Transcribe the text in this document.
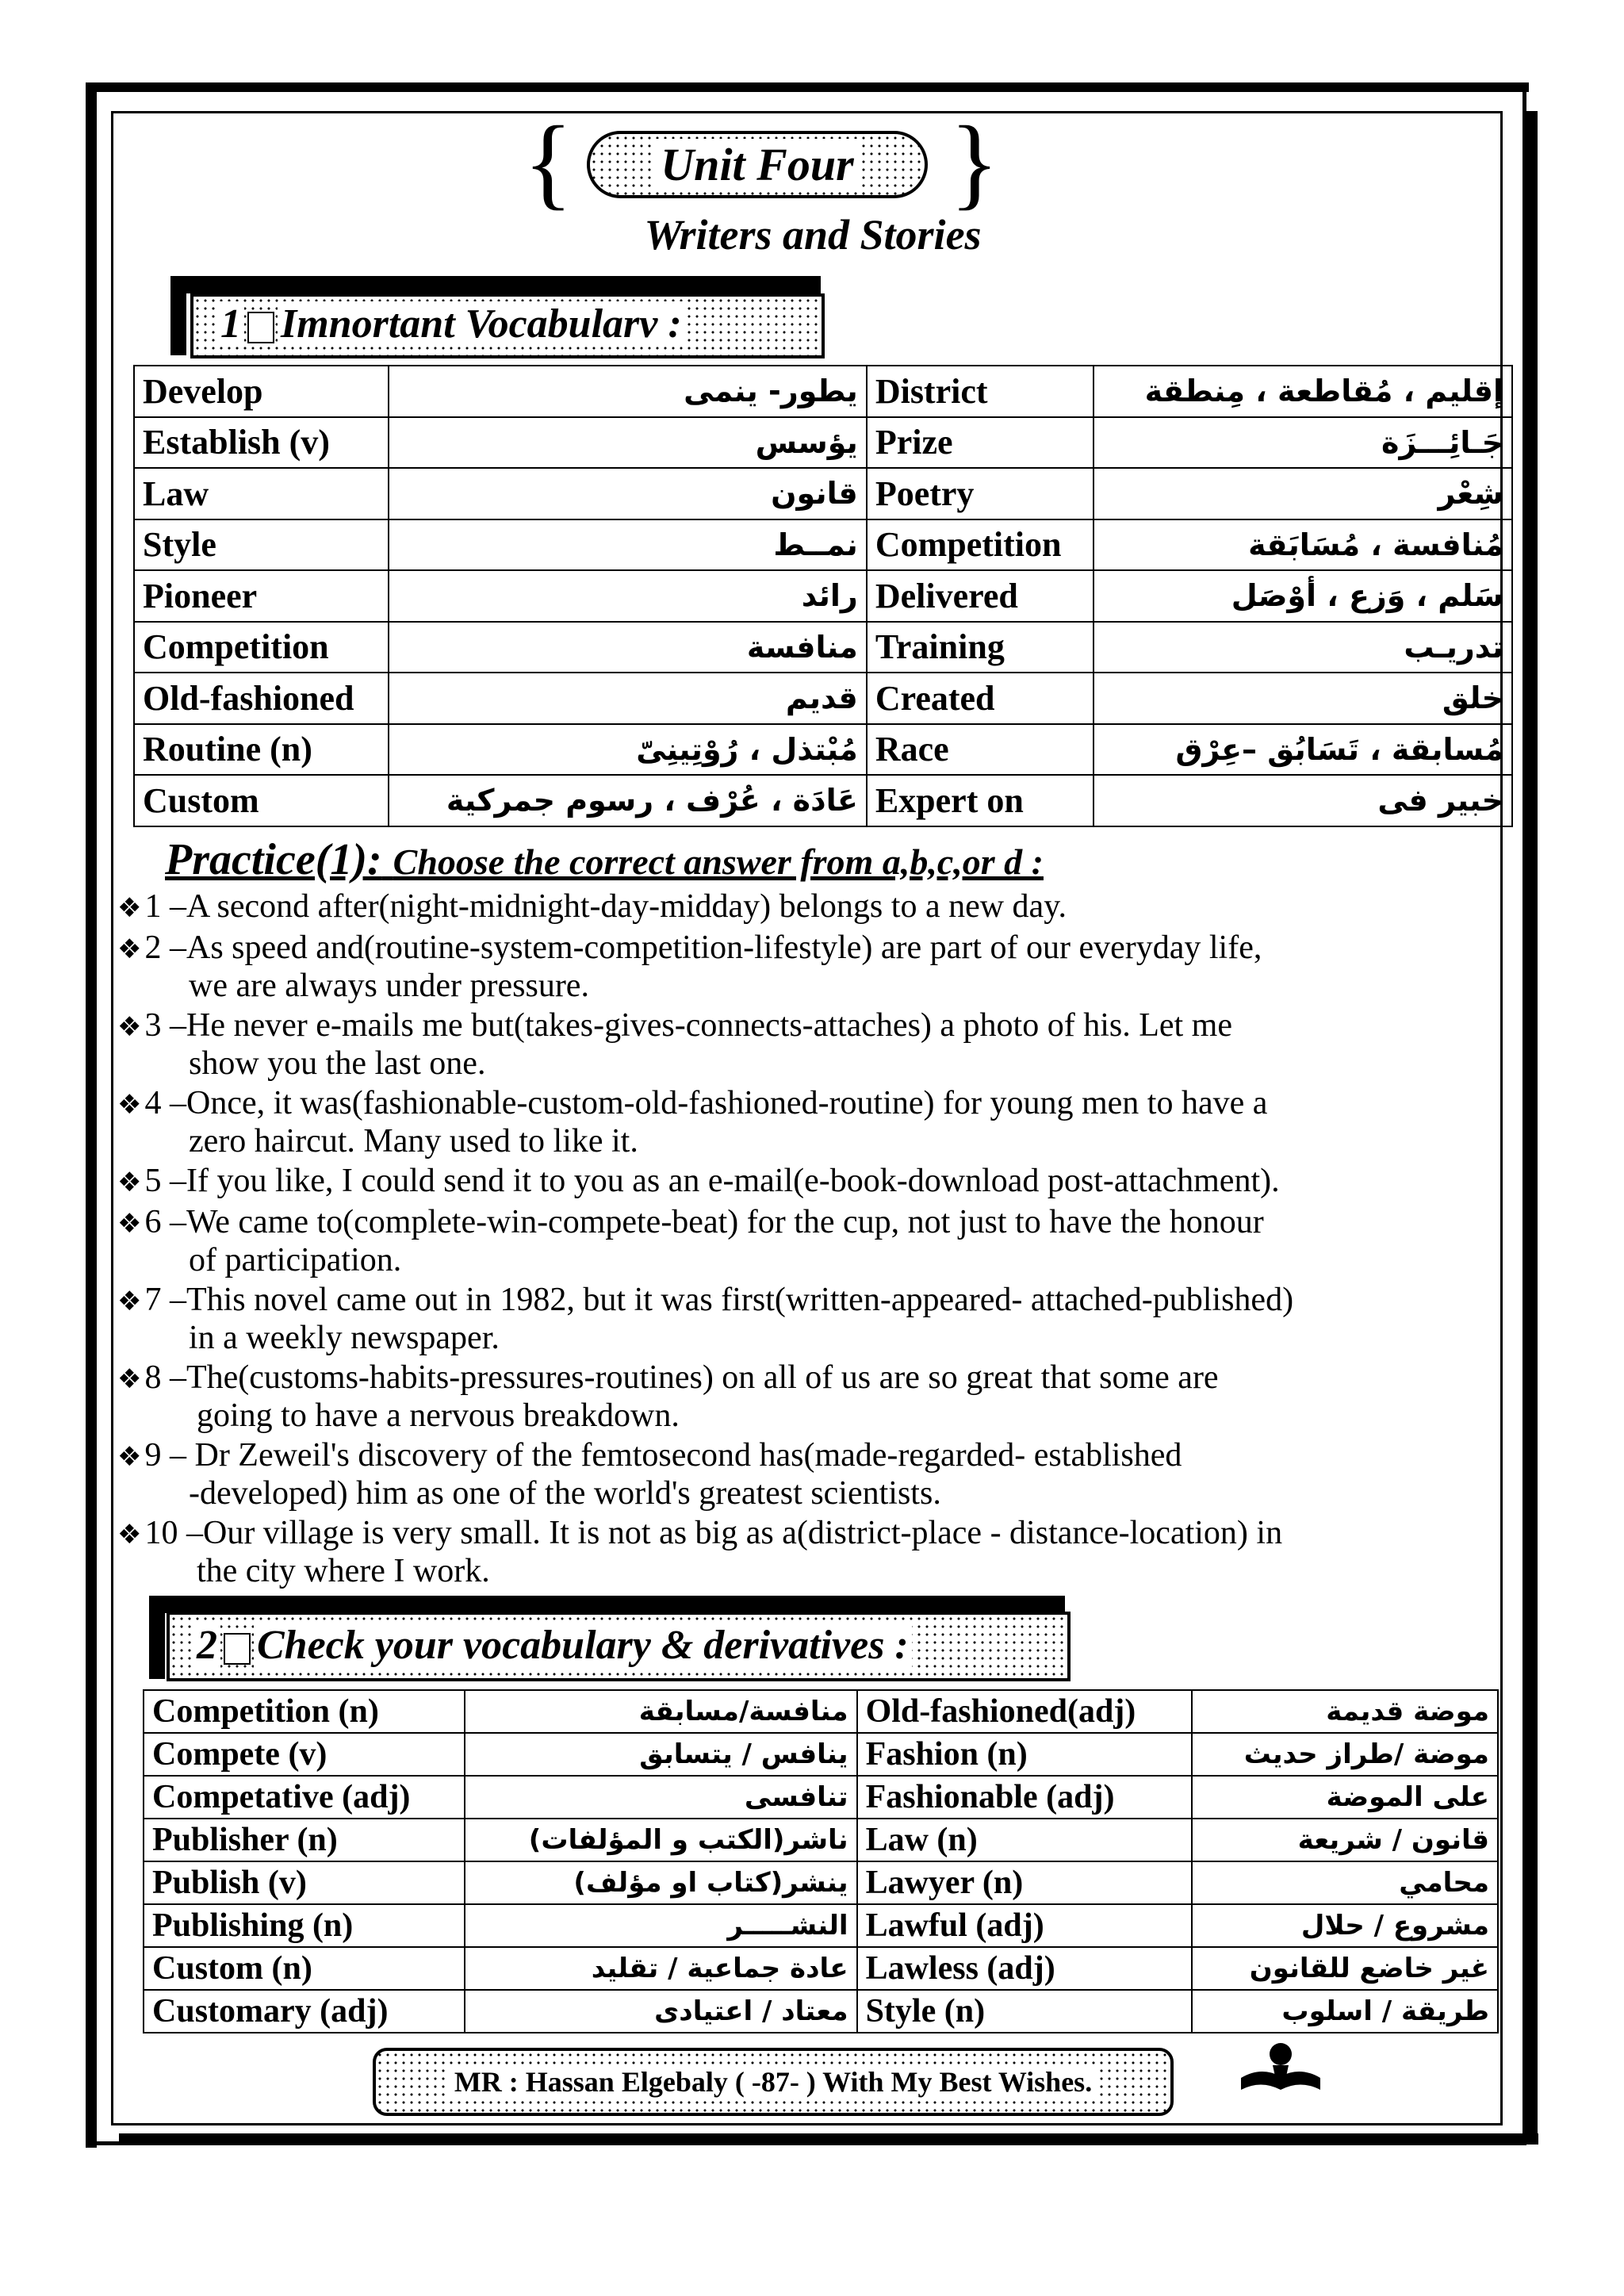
{	Unit Four }
Writers and Stories
1 Imnortant Vocabularv :
Develop	يطور- ينمى	District	إقليم ، مُقاطعة ، مِنطقة
Establish (v)	يؤسس	Prize	جَـائِـــزَة
Law	قانون	Poetry	شِعْر
Style	نمــط	Competition	مُنافسة ، مُسَابَقة
Pioneer	رائد	Delivered	سَلم ، وَزع ، أوْصَل
Competition	منافسة	Training	تدريـب
Old-fashioned	قديم	Created	خلق
Routine (n)	مُبْتذل ، رُوْتِينِىّ	Race	مُسابقة ، تَسَابُق –عِرْق
Custom	عَادَة ، عُرْف ، رسوم جمركية	Expert on	خبير فى
Practice(1): Choose the correct answer from a,b,c,or d :
❖1 –A second after(night-midnight-day-midday) belongs to a new day.
❖2 –As speed and(routine-system-competition-lifestyle) are part of our everyday life,
we are always under pressure.
❖3 –He never e-mails me but(takes-gives-connects-attaches) a photo of his. Let me
show you the last one.
❖4 –Once, it was(fashionable-custom-old-fashioned-routine) for young men to have a
zero haircut. Many used to like it.
❖5 –If you like, I could send it to you as an e-mail(e-book-download post-attachment).
❖6 –We came to(complete-win-compete-beat) for the cup, not just to have the honour
of participation.
❖7 –This novel came out in 1982, but it was first(written-appeared- attached-published)
in a weekly newspaper.
❖8 –The(customs-habits-pressures-routines) on all of us are so great that some are
going to have a nervous breakdown.
❖9 – Dr Zeweil's discovery of the femtosecond has(made-regarded- established
-developed) him as one of the world's greatest scientists.
❖10 –Our village is very small. It is not as big as a(district-place - distance-location) in
the city where I work.
2 Check your vocabulary & derivatives :
Competition (n)	منافسة/مسابقة	Old-fashioned(adj)	موضة قديمة
Compete (v)	ينافس / يتسابق	Fashion (n)	موضة /طراز حديث
Competative (adj)	تنافسى	Fashionable (adj)	على الموضة
Publisher (n)	ناشر(الكتب و المؤلفات)	Law (n)	قانون / شريعة
Publish (v)	ينشر(كتاب او مؤلف)	Lawyer (n)	محامي
Publishing (n)	النشـــــر	Lawful (adj)	مشروع / حلال
Custom (n)	عادة جماعية / تقليد	Lawless (adj)	غير خاضع للقانون
Customary (adj)	معتاد / اعتيادى	Style (n)	طريقة / اسلوب
MR : Hassan Elgebaly ( -87- ) With My Best Wishes.
